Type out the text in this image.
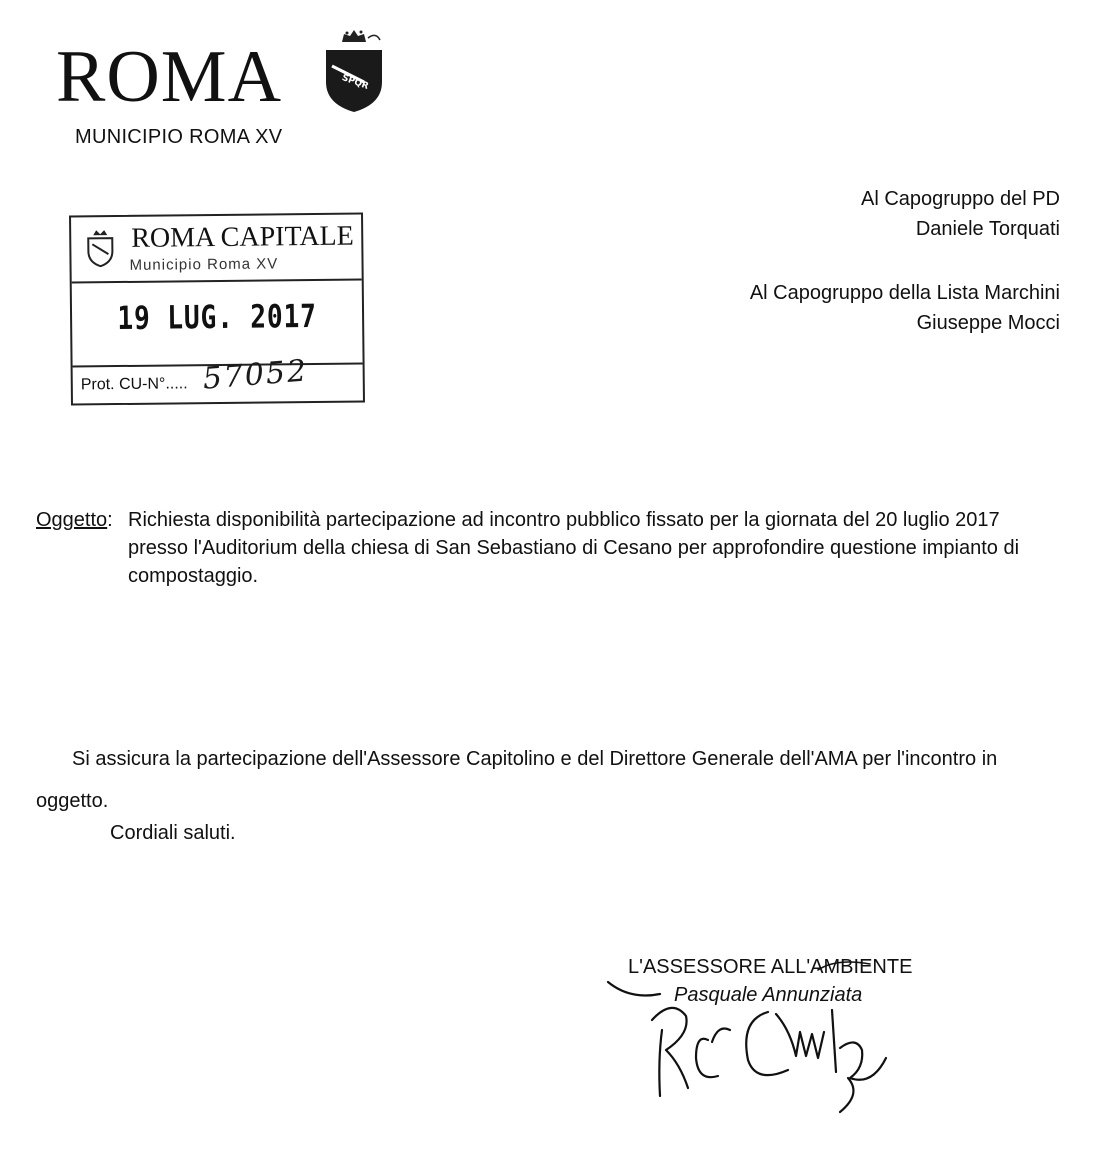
ROMA	SPQR
MUNICIPIO ROMA XV
Al Capogruppo del PD
Daniele Torquati
Al Capogruppo della Lista Marchini
Giuseppe Mocci
ROMA CAPITALE
Municipio Roma XV
19 LUG. 2017
Prot. CU-N°..... 57052
Oggetto: Richiesta disponibilità partecipazione ad incontro pubblico fissato per la giornata del 20 luglio 2017 presso l'Auditorium della chiesa di San Sebastiano di Cesano per approfondire questione impianto di compostaggio.
Si assicura la partecipazione dell'Assessore Capitolino e del Direttore Generale dell'AMA per l'incontro in oggetto.
Cordiali saluti.
L'ASSESSORE ALL'AMBIENTE
Pasquale Annunziata
